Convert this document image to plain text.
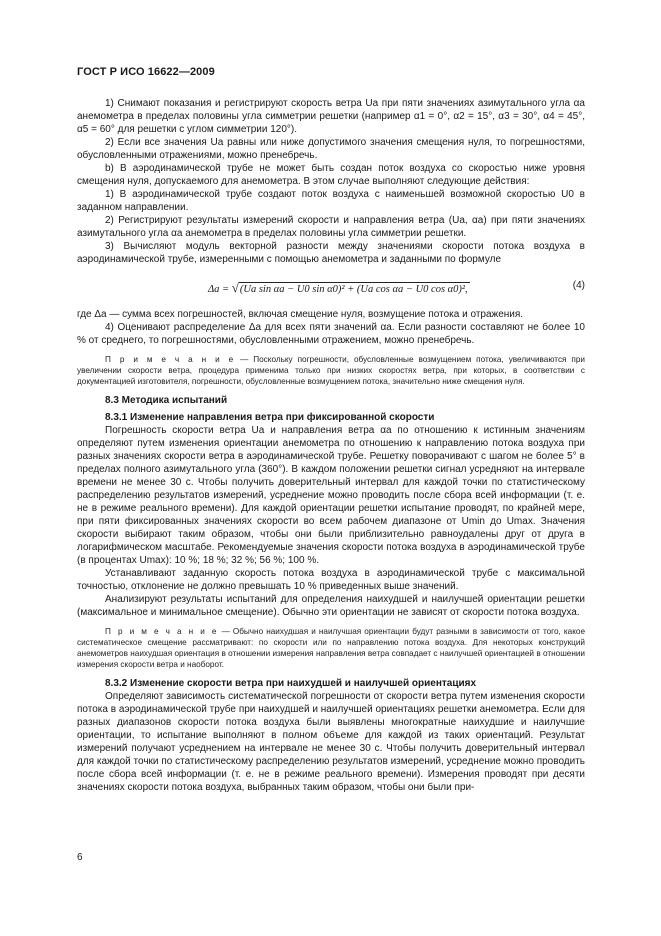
ГОСТ Р ИСО 16622—2009

1) Снимают показания и регистрируют скорость ветра Ua при пяти значениях азимутального угла αa анемометра в пределах половины угла симметрии решетки (например α1 = 0°, α2 = 15°, α3 = 30°, α4 = 45°, α5 = 60° для решетки с углом симметрии 120°).

2) Если все значения Ua равны или ниже допустимого значения смещения нуля, то погрешностями, обусловленными отражениями, можно пренебречь.

b) В аэродинамической трубе не может быть создан поток воздуха со скоростью ниже уровня смещения нуля, допускаемого для анемометра. В этом случае выполняют следующие действия:

1) В аэродинамической трубе создают поток воздуха с наименьшей возможной скоростью U0 в заданном направлении.

2) Регистрируют результаты измерений скорости и направления ветра (Ua, αa) при пяти значениях азимутального угла αa анемометра в пределах половины угла симметрии решетки.

3) Вычисляют модуль векторной разности между значениями скорости потока воздуха в аэродинамической трубе, измеренными с помощью анемометра и заданными по формуле

Δa = √(Ua sin αa − U0 sin α0)² + (Ua cos αa − U0 cos α0)²,	(4)

где Δa — сумма всех погрешностей, включая смещение нуля, возмущение потока и отражения.

4) Оценивают распределение Δa для всех пяти значений αa. Если разности составляют не более 10 % от среднего, то погрешностями, обусловленными отражением, можно пренебречь.

П р и м е ч а н и е — Поскольку погрешности, обусловленные возмущением потока, увеличиваются при увеличении скорости ветра, процедура применима только при низких скоростях ветра, при которых, в соответствии с документацией изготовителя, погрешности, обусловленные возмущением потока, значительно ниже смещения нуля.

8.3 Методика испытаний
8.3.1 Изменение направления ветра при фиксированной скорости

Погрешность скорости ветра Ua и направления ветра αa по отношению к истинным значениям определяют путем изменения ориентации анемометра по отношению к направлению потока воздуха при разных значениях скорости ветра в аэродинамической трубе. Решетку поворачивают с шагом не более 5° в пределах полного азимутального угла (360°). В каждом положении решетки сигнал усредняют на интервале времени не менее 30 с. Чтобы получить доверительный интервал для каждой точки по статистическому распределению результатов измерений, усреднение можно проводить после сбора всей информации (т. е. не в режиме реального времени). Для каждой ориентации решетки испытание проводят, по крайней мере, при пяти фиксированных значениях скорости во всем рабочем диапазоне от Umin до Umax. Значения скорости выбирают таким образом, чтобы они были приблизительно равноудалены друг от друга в логарифмическом масштабе. Рекомендуемые значения скорости потока воздуха в аэродинамической трубе (в процентах Umax): 10 %; 18 %; 32 %; 56 %; 100 %.

Устанавливают заданную скорость потока воздуха в аэродинамической трубе с максимальной точностью, отклонение не должно превышать 10 % приведенных выше значений.

Анализируют результаты испытаний для определения наихудшей и наилучшей ориентации решетки (максимальное и минимальное смещение). Обычно эти ориентации не зависят от скорости потока воздуха.

П р и м е ч а н и е — Обычно наихудшая и наилучшая ориентации будут разными в зависимости от того, какое систематическое смещение рассматривают: по скорости или по направлению потока воздуха. Для некоторых конструкций анемометров наихудшая ориентация в отношении измерения направления ветра совпадает с наилучшей ориентацией в отношении измерения скорости ветра и наоборот.

8.3.2 Изменение скорости ветра при наихудшей и наилучшей ориентациях

Определяют зависимость систематической погрешности от скорости ветра путем изменения скорости потока в аэродинамической трубе при наихудшей и наилучшей ориентациях решетки анемометра. Если для разных диапазонов скорости потока воздуха были выявлены многократные наихудшие и наилучшие ориентации, то испытание выполняют в полном объеме для каждой из таких ориентаций. Результат измерений получают усреднением на интервале не менее 30 с. Чтобы получить доверительный интервал для каждой точки по статистическому распределению результатов измерений, усреднение можно проводить после сбора всей информации (т. е. не в режиме реального времени). Измерения проводят при десяти значениях скорости потока воздуха, выбранных таким образом, чтобы они были при-

6
